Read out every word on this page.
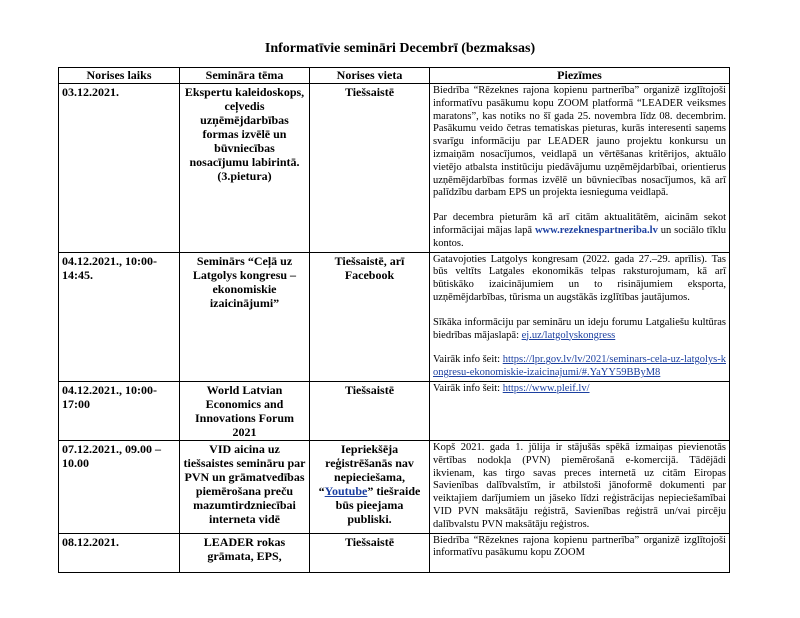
Informatīvie semināri Decembrī (bezmaksas)
Norises laiks	Semināra tēma	Norises vieta	Piezīmes
03.12.2021.	Ekspertu kaleidoskops, ceļvedis uzņēmējdarbības formas izvēlē un būvniecības nosacījumu labirintā. (3.pietura)	Tiešsaistē	Biedrība “Rēzeknes rajona kopienu partnerība” organizē izglītojoši informatīvu pasākumu kopu ZOOM platformā “LEADER veiksmes maratons”, kas notiks no šī gada 25. novembra līdz 08. decembrim. Pasākumu veido četras tematiskas pieturas, kurās interesenti saņems svarīgu informāciju par LEADER jauno projektu konkursu un izmaiņām nosacījumos, veidlapā un vērtēšanas kritērijos, aktuālo vietējo atbalsta institūciju piedāvājumu uzņēmējdarbībai, orientierus uzņēmējdarbības formas izvēlē un būvniecības nosacījumos, kā arī palīdzību darbam EPS un projekta iesnieguma veidlapā.

Par decembra pieturām kā arī citām aktualitātēm, aicinām sekot informācijai mājas lapā www.rezeknespartneriba.lv un sociālo tīklu kontos.

04.12.2021., 10:00-14:45.	Seminārs “Ceļā uz Latgolys kongresu – ekonomiskie izaicinājumi”	Tiešsaistē, arī Facebook	Gatavojoties Latgolys kongresam (2022. gada 27.–29. aprīlis). Tas būs veltīts Latgales ekonomikās telpas raksturojumam, kā arī būtiskāko izaicinājumiem un to risinājumiem eksporta, uzņēmējdarbības, tūrisma un augstākās izglītības jautājumos.

Sīkāka informāciju par semināru un ideju forumu Latgaliešu kultūras biedrības mājaslapā: ej.uz/latgolyskongress

Vairāk info šeit: https://lpr.gov.lv/lv/2021/seminars-cela-uz-latgolys-kongresu-ekonomiskie-izaicinajumi/#.YaYY59BByM8

04.12.2021., 10:00-17:00	World Latvian Economics and Innovations Forum 2021	Tiešsaistē	Vairāk info šeit: https://www.pleif.lv/
07.12.2021., 09.00 – 10.00	VID aicina uz tiešsaistes semināru par PVN un grāmatvedības piemērošana preču mazumtirdzniecībai interneta vidē	Iepriekšēja reģistrēšanās nav nepieciešama, “Youtube” tiešraide būs pieejama publiski.	Kopš 2021. gada 1. jūlija ir stājušās spēkā izmaiņas pievienotās vērtības nodokļa (PVN) piemērošanā e-komercijā. Tādējādi ikvienam, kas tirgo savas preces internetā uz citām Eiropas Savienības dalībvalstīm, ir atbilstoši jānoformē dokumenti par veiktajiem darījumiem un jāseko līdzi reģistrācijas nepieciešamībai VID PVN maksātāju reģistrā, Savienības reģistrā un/vai pircēju dalībvalstu PVN maksātāju reģistros.
08.12.2021.	LEADER rokas grāmata, EPS,	Tiešsaistē	Biedrība “Rēzeknes rajona kopienu partnerība” organizē izglītojoši informatīvu pasākumu kopu ZOOM
